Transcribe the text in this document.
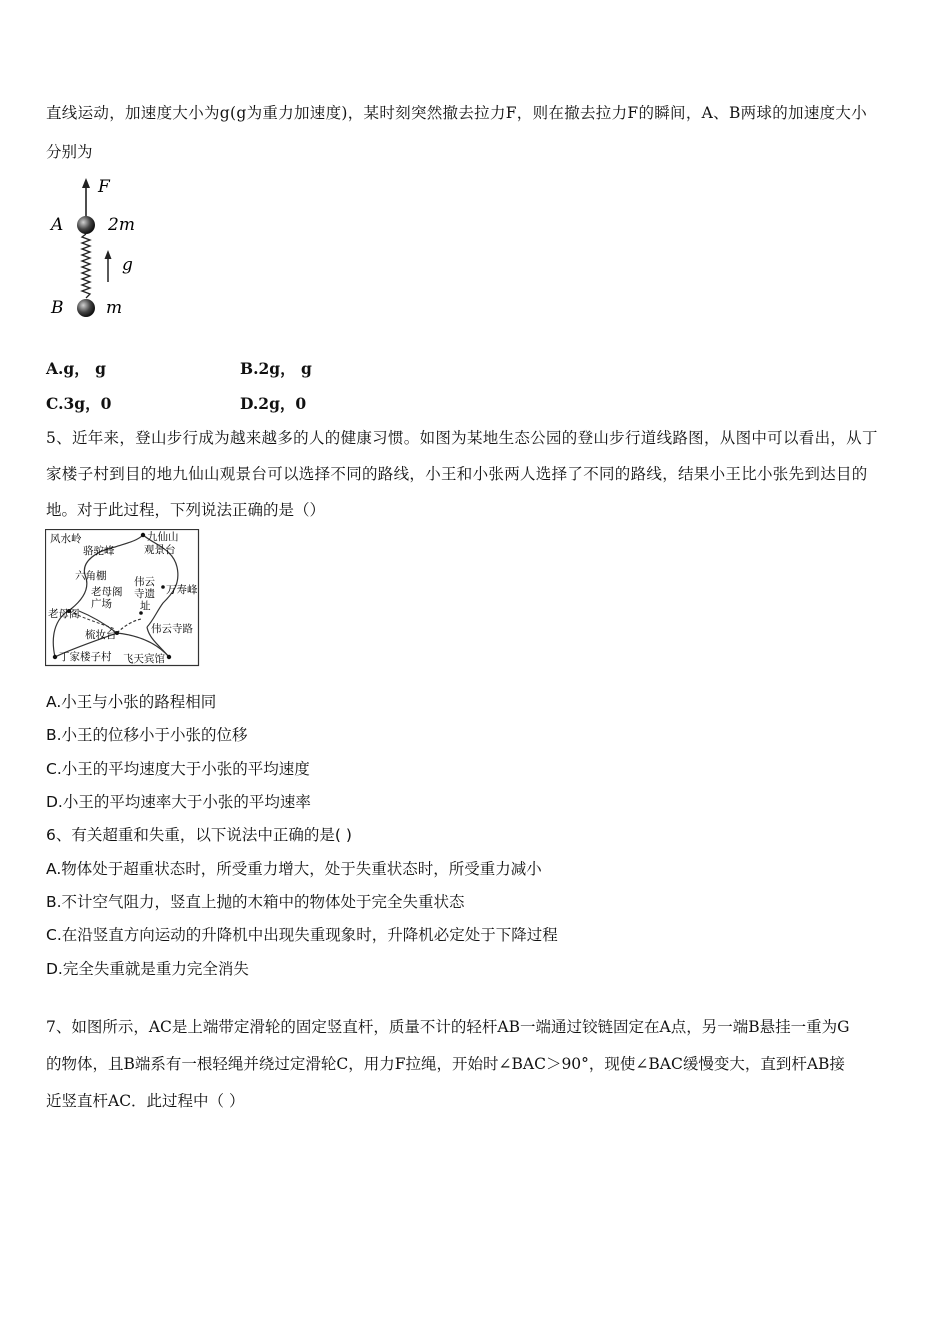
直线运动，加速度大小为g(g为重力加速度)，某时刻突然撤去拉力F，则在撤去拉力F的瞬间，A、B两球的加速度大小
分别为
F
A	2m
g
B	m
A.g， g	B.2g， g
C.3g，0	D.2g，0
5、近年来，登山步行成为越来越多的人的健康习惯。如图为某地生态公园的登山步行道线路图，从图中可以看出，从丁
家楼子村到目的地九仙山观景台可以选择不同的路线，小王和小张两人选择了不同的路线，结果小王比小张先到达目的
地。对于此过程，下列说法正确的是（）
风水岭
骆驼峰
九仙山
观景台
六角棚
老母阁
广场
老母阁
伟云
寺遗
址
万寿峰
伟云寺路
梳妆台
丁家楼子村 飞天宾馆
A.小王与小张的路程相同
B.小王的位移小于小张的位移
C.小王的平均速度大于小张的平均速度
D.小王的平均速率大于小张的平均速率
6、有关超重和失重，以下说法中正确的是( )
A.物体处于超重状态时，所受重力增大，处于失重状态时，所受重力减小
B.不计空气阻力，竖直上抛的木箱中的物体处于完全失重状态
C.在沿竖直方向运动的升降机中出现失重现象时，升降机必定处于下降过程
D.完全失重就是重力完全消失
7、如图所示，AC是上端带定滑轮的固定竖直杆，质量不计的轻杆AB一端通过铰链固定在A点，另一端B悬挂一重为G
的物体，且B端系有一根轻绳并绕过定滑轮C，用力F拉绳，开始时∠BAC＞90°，现使∠BAC缓慢变大，直到杆AB接
近竖直杆AC．此过程中（ ）
